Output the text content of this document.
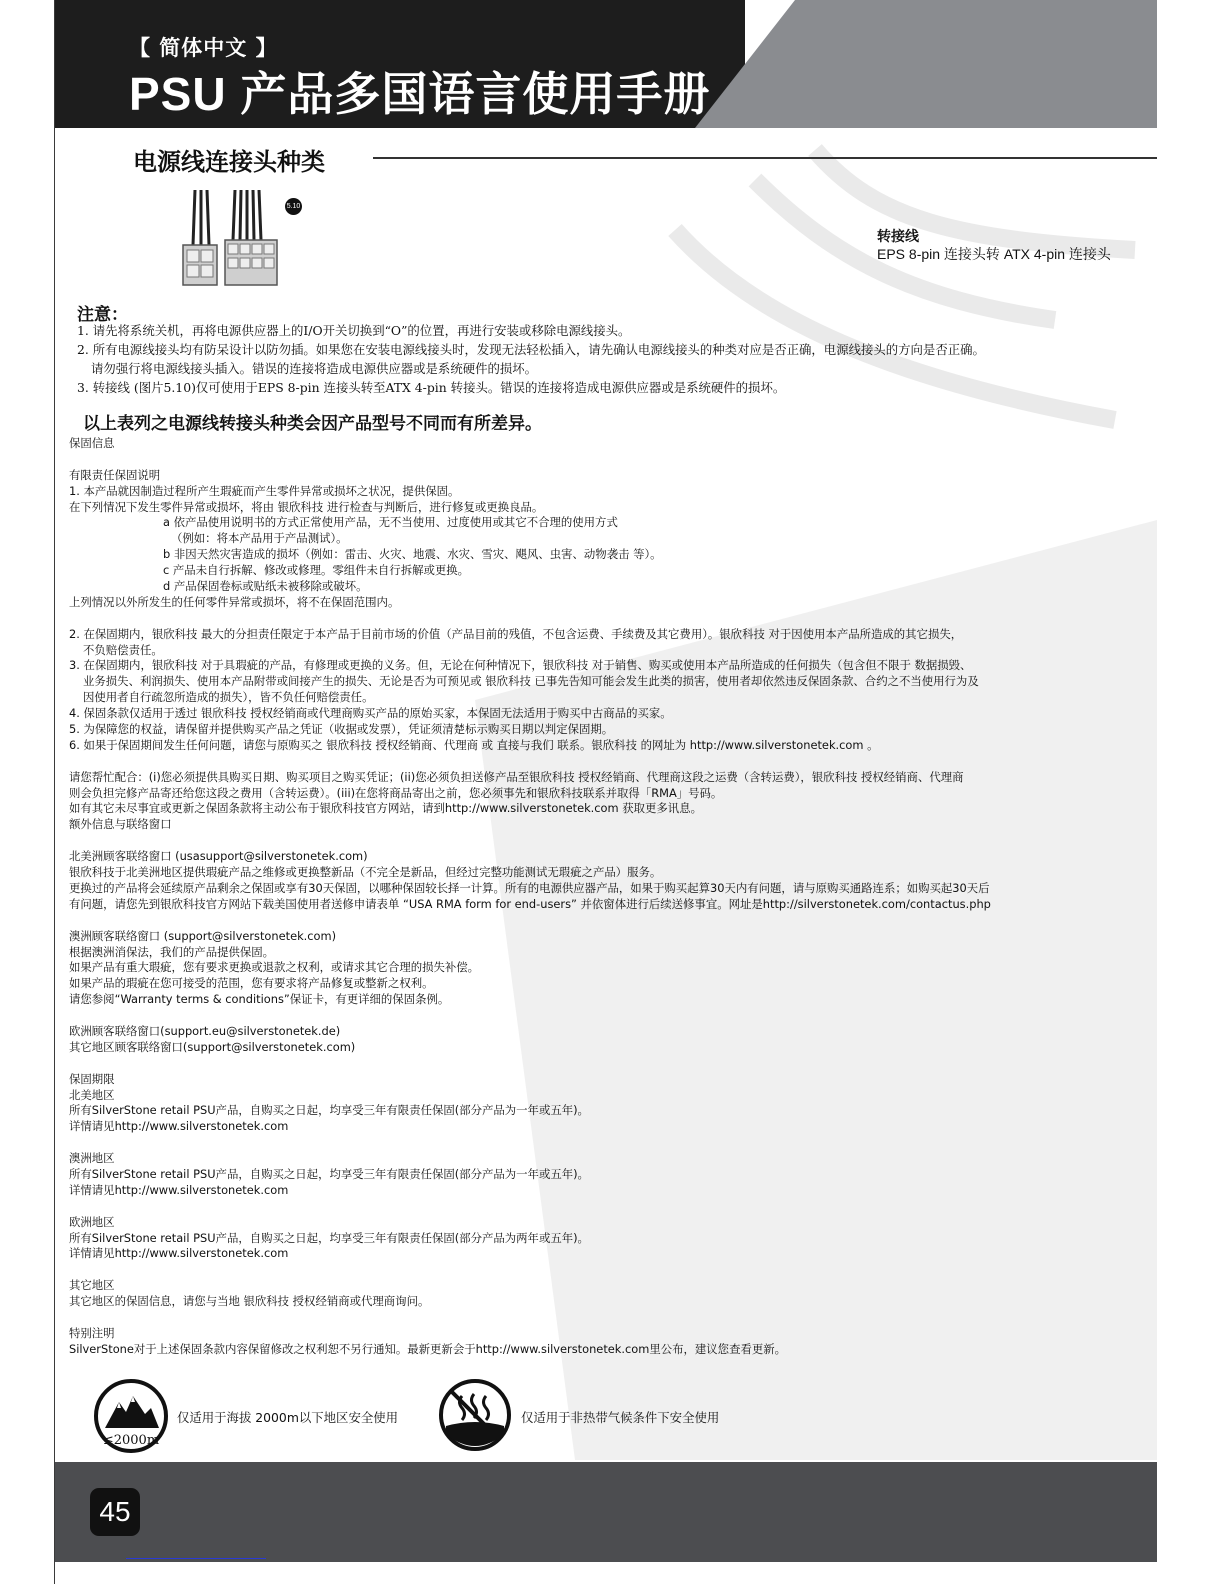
【 简体中文 】
PSU 产品多国语言使用手册
电源线连接头种类
5.10
转接线
EPS 8-pin 连接头转 ATX 4-pin 连接头
注意：
1. 请先将系统关机，再将电源供应器上的I/O开关切换到“O”的位置，再进行安装或移除电源线接头。
2. 所有电源线接头均有防呆设计以防勿插。如果您在安装电源线接头时，发现无法轻松插入，请先确认电源线接头的种类对应是否正确，电源线接头的方向是否正确。
请勿强行将电源线接头插入。错误的连接将造成电源供应器或是系统硬件的损坏。
3. 转接线 (图片5.10)仅可使用于EPS 8-pin 连接头转至ATX 4-pin 转接头。错误的连接将造成电源供应器或是系统硬件的损坏。
以上表列之电源线转接头种类会因产品型号不同而有所差异。
保固信息
有限责任保固说明
1. 本产品就因制造过程所产生瑕疵而产生零件异常或损坏之状况，提供保固。
在下列情况下发生零件异常或损坏，将由 银欣科技 进行检查与判断后，进行修复或更换良品。
a 依产品使用说明书的方式正常使用产品，无不当使用、过度使用或其它不合理的使用方式
（例如：将本产品用于产品测试）。
b 非因天然灾害造成的损坏（例如：雷击、火灾、地震、水灾、雪灾、飓风、虫害、动物袭击 等）。
c 产品未自行拆解、修改或修理。零组件未自行拆解或更换。
d 产品保固卷标或贴纸未被移除或破坏。
上列情况以外所发生的任何零件异常或损坏，将不在保固范围内。
2. 在保固期内，银欣科技 最大的分担责任限定于本产品于目前市场的价值（产品目前的残值，不包含运费、手续费及其它费用）。银欣科技 对于因使用本产品所造成的其它损失，
不负赔偿责任。
3. 在保固期内，银欣科技 对于具瑕疵的产品，有修理或更换的义务。但，无论在何种情况下，银欣科技 对于销售、购买或使用本产品所造成的任何损失（包含但不限于 数据损毁、
业务损失、利润损失、使用本产品附带或间接产生的损失、无论是否为可预见或 银欣科技 已事先告知可能会发生此类的损害，使用者却依然违反保固条款、合约之不当使用行为及
因使用者自行疏忽所造成的损失），皆不负任何赔偿责任。
4. 保固条款仅适用于透过 银欣科技 授权经销商或代理商购买产品的原始买家，本保固无法适用于购买中古商品的买家。
5. 为保障您的权益，请保留并提供购买产品之凭证（收据或发票），凭证须清楚标示购买日期以判定保固期。
6. 如果于保固期间发生任何问题，请您与原购买之 银欣科技 授权经销商、代理商 或 直接与我们 联系。银欣科技 的网址为 http://www.silverstonetek.com 。
请您帮忙配合：(i)您必须提供具购买日期、购买项目之购买凭证；(ii)您必须负担送修产品至银欣科技 授权经销商、代理商这段之运费（含转运费），银欣科技 授权经销商、代理商
则会负担完修产品寄还给您这段之费用（含转运费）。(iii)在您将商品寄出之前，您必须事先和银欣科技联系并取得「RMA」号码。
如有其它未尽事宜或更新之保固条款将主动公布于银欣科技官方网站，请到http://www.silverstonetek.com 获取更多讯息。
额外信息与联络窗口
北美洲顾客联络窗口 (usasupport@silverstonetek.com)
银欣科技于北美洲地区提供瑕疵产品之维修或更换整新品（不完全是新品，但经过完整功能测试无瑕疵之产品）服务。
更换过的产品将会延续原产品剩余之保固或享有30天保固，以哪种保固较长择一计算。所有的电源供应器产品，如果于购买起算30天内有问题，请与原购买通路连系；如购买起30天后
有问题，请您先到银欣科技官方网站下载美国使用者送修申请表单 “USA RMA form for end-users” 并依窗体进行后续送修事宜。网址是http://silverstonetek.com/contactus.php
澳洲顾客联络窗口 (support@silverstonetek.com)
根据澳洲消保法，我们的产品提供保固。
如果产品有重大瑕疵，您有要求更换或退款之权利，或请求其它合理的损失补偿。
如果产品的瑕疵在您可接受的范围，您有要求将产品修复或整新之权利。
请您参阅“Warranty terms & conditions”保证卡，有更详细的保固条例。
欧洲顾客联络窗口(support.eu@silverstonetek.de)
其它地区顾客联络窗口(support@silverstonetek.com)
保固期限
北美地区
所有SilverStone retail PSU产品，自购买之日起，均享受三年有限责任保固(部分产品为一年或五年)。
详情请见http://www.silverstonetek.com
澳洲地区
所有SilverStone retail PSU产品，自购买之日起，均享受三年有限责任保固(部分产品为一年或五年)。
详情请见http://www.silverstonetek.com
欧洲地区
所有SilverStone retail PSU产品，自购买之日起，均享受三年有限责任保固(部分产品为两年或五年)。
详情请见http://www.silverstonetek.com
其它地区
其它地区的保固信息，请您与当地 银欣科技 授权经销商或代理商询问。
特别注明
SilverStone对于上述保固条款内容保留修改之权利恕不另行通知。最新更新会于http://www.silverstonetek.com里公布，建议您查看更新。
≤2000m
仅适用于海拔 2000m以下地区安全使用	仅适用于非热带气候条件下安全使用
45
